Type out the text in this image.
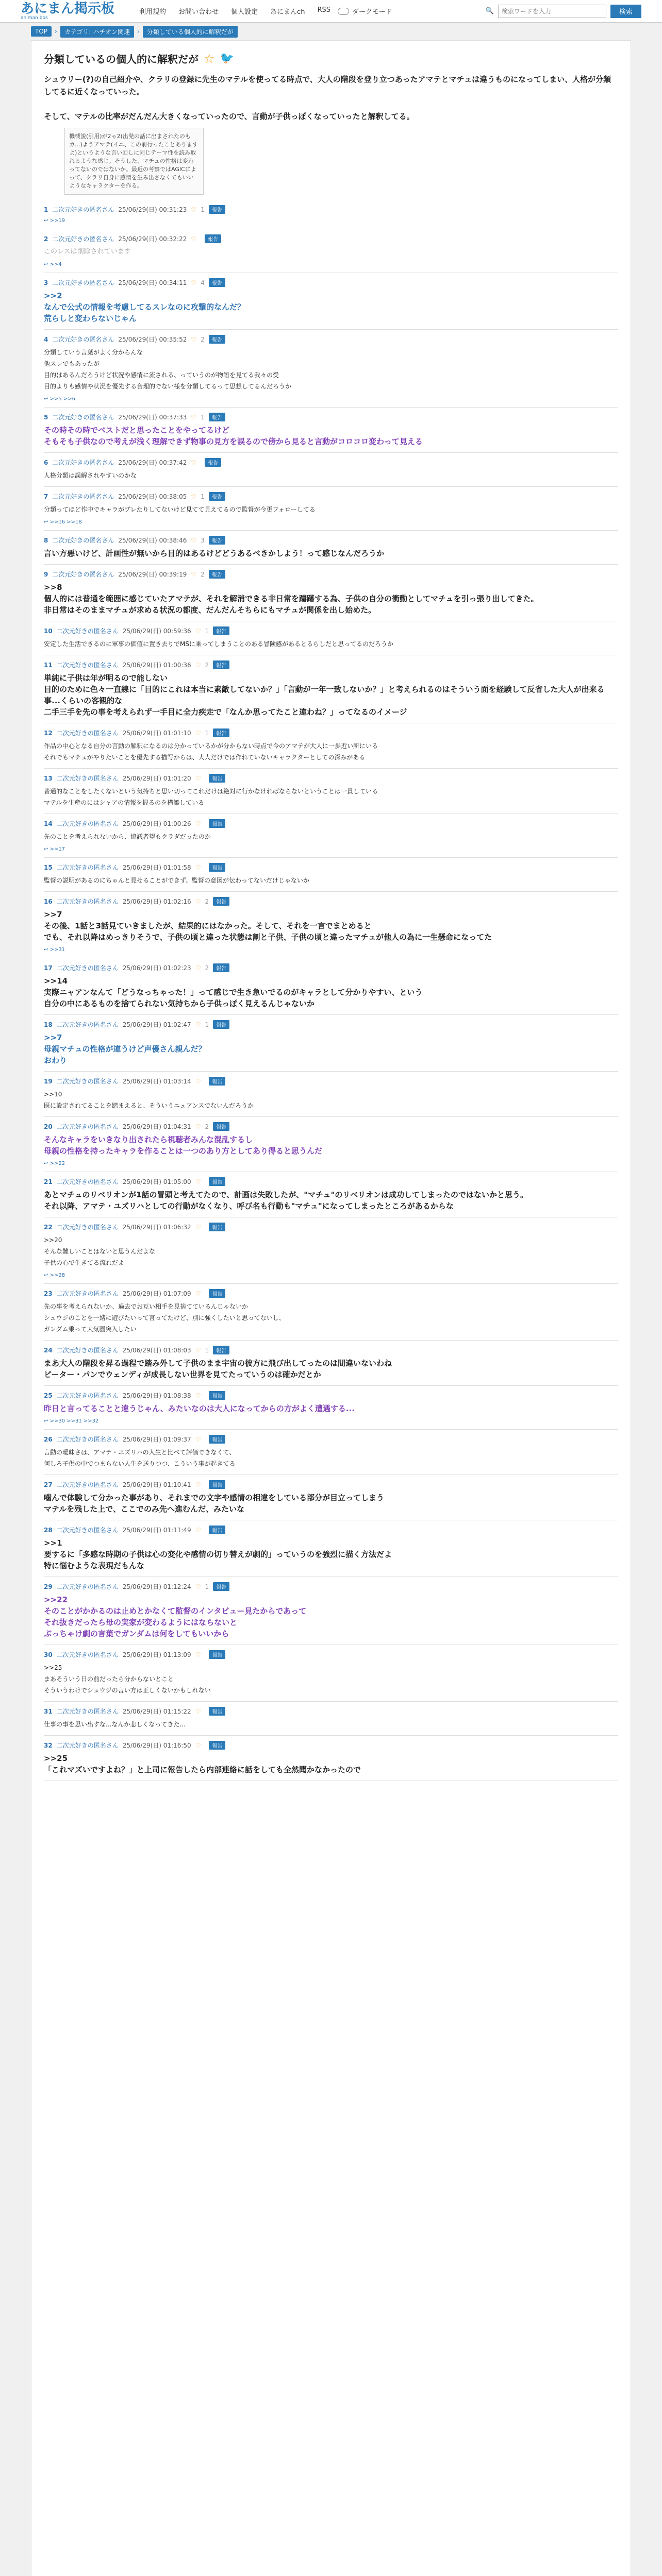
あにまん掲示板
animan bbs
利用規約 お問い合わせ 個人設定 あにまんch RSS	ダークモード	🔍
検索ワードを入力	検索
TOP	›	カテゴリ: ハチオン関連	›	分類している個人的に解釈だが
分類しているの個人的に解釈だが ☆ 🐦

シュウリー(?)の自己紹介や、クラリの登録に先生のマテルを使ってる時点で、大人の階段を登り立つあったアマテとマチュは違うものになってしまい、人格が分類してるに近くなっていった。

そして、マテルの比率がだんだん大きくなっていったので、言動が子供っぽくなっていったと解釈してる。

機械説(引用)が2ゃ2(出発の話に出まされたのもカ...)ようアマテ(イニ、この前行ったことありますよ)というような言い回しに同じテーマ性を読み取れるような感じ。そうした、マチュの性格は変わってないのではないか。最近の考察ではAGICによって、クラリ自身に感情を生み出さなくてもいいようなキャラクターを作る。
1 二次元好きの匿名さん 25/06/29(日) 00:31:23 ♡ 1	報告
↩ >>19
2 二次元好きの匿名さん 25/06/29(日) 00:32:22 ♡	報告
このレスは削除されています
↩ >>4
3 二次元好きの匿名さん 25/06/29(日) 00:34:11 ♡ 4	報告
>>2
なんで公式の情報を考慮してるスレなのに攻撃的なんだ？
荒らしと変わらないじゃん
4 二次元好きの匿名さん 25/06/29(日) 00:35:52 ♡ 2	報告
分類していう言葉がよく分からんな
他スレでもあったが
目的はあるんだろうけど状況や感情に流される、っていうのが物語を見てる我々の受
目的よりも感情や状況を優先する合理的でない様を分類してるって思想してるんだろうか
↩ >>5 >>6
5 二次元好きの匿名さん 25/06/29(日) 00:37:33 ♡ 1	報告
その時その時でベストだと思ったことをやってるけど
そもそも子供なので考えが浅く理解できず物事の見方を誤るので傍から見ると言動がコロコロ変わって見える
6 二次元好きの匿名さん 25/06/29(日) 00:37:42 ♡	報告
人格分類は誤解されやすいのかな
7 二次元好きの匿名さん 25/06/29(日) 00:38:05 ♡ 1	報告
分類ってほど作中でキャラがブレたりしてないけど見てて見えてるので監督が今更フォローしてる
↩ >>16 >>18
8 二次元好きの匿名さん 25/06/29(日) 00:38:46 ♡ 3	報告
言い方悪いけど、計画性が無いから目的はあるけどどうあるべきかしよう！って感じなんだろうか
9 二次元好きの匿名さん 25/06/29(日) 00:39:19 ♡ 2	報告
>>8
個人的には普通を範囲に感じていたアマテが、それを解消できる非日常を躊躇する為、子供の自分の衝動としてマチュを引っ張り出してきた。
非日常はそのままマチュが求める状況の都度、だんだんそちらにもマチュが関係を出し始めた。
10 二次元好きの匿名さん 25/06/29(日) 00:59:36 ♡ 1	報告
安定した生活できるのに軍事の価値に置き去りでMSに乗ってしまうことのある冒険感があるとるらしだと思ってるのだろうか
11 二次元好きの匿名さん 25/06/29(日) 01:00:36 ♡ 2	報告
単純に子供は年が明るので能しない
目的のために色々一直線に「目的にこれは本当に素敵してないか？」「言動が一年一致しないか？」と考えられるのはそういう面を経験して反省した大人が出来る事...くらいの客観的な
二手三手を先の事を考えられず一手目に全力疾走で「なんか思ってたこと違わね？」ってなるのイメージ
12 二次元好きの匿名さん 25/06/29(日) 01:01:10 ♡ 1	報告
作品の中心となる自分の言動の解釈になるのは分かっているかが分からない時点で今のアマテが大人に一歩近い所にいる
それでもマチュがやりたいことを優先する描写からは、大人だけでは作れていないキャラクターとしての深みがある
13 二次元好きの匿名さん 25/06/29(日) 01:01:20 ♡	報告
普通的なことをしたくないという気持ちと思い切ってこれだけは絶対に行かなければならないということは一貫している
マテルを生産のにはシャアの情報を握るのを構築している
14 二次元好きの匿名さん 25/06/29(日) 01:00:26 ♡	報告
先のことを考えられないから、協議者望もクラダだったのか
↩ >>17
15 二次元好きの匿名さん 25/06/29(日) 01:01:58 ♡	報告
監督の説明があるのにちゃんと見せることができず、監督の意図が伝わってないだけじゃないか
16 二次元好きの匿名さん 25/06/29(日) 01:02:16 ♡ 2	報告
>>7
その後、1話と3話見ていきましたが、結果的にはなかった。そして、それを一言でまとめると
でも、それ以降はめっきりそうで、子供の頃と違った状態は割と子供、子供の頃と違ったマチュが他人の為に一生懸命になってた
↩ >>31
17 二次元好きの匿名さん 25/06/29(日) 01:02:23 ♡ 2	報告
>>14
実際ニャアンなんて「どうなっちゃった！」って感じで生き急いでるのがキャラとして分かりやすい、という
自分の中にあるものを捨てられない気持ちから子供っぽく見えるんじゃないか
18 二次元好きの匿名さん 25/06/29(日) 01:02:47 ♡ 1	報告
>>7
母親マチュの性格が違うけど声優さん親んだ？
おわり
19 二次元好きの匿名さん 25/06/29(日) 01:03:14 ♡	報告
>>10
既に設定されてることを踏まえると、そういうニュアンスでないんだろうか
20 二次元好きの匿名さん 25/06/29(日) 01:04:31 ♡ 2	報告
そんなキャラをいきなり出されたら視聴者みんな混乱するし
母親の性格を持ったキャラを作ることは一つのあり方としてあり得ると思うんだ
↩ >>22
21 二次元好きの匿名さん 25/06/29(日) 01:05:00 ♡	報告
あとマチュのリベリオンが1話の冒頭と考えてたので、計画は失敗したが、"マチュ"のリベリオンは成功してしまったのではないかと思う。
それ以降、アマテ・ユズリハとしての行動がなくなり、呼び名も行動も"マチュ"になってしまったところがあるからな
22 二次元好きの匿名さん 25/06/29(日) 01:06:32 ♡	報告
>>20
そんな難しいことはないと思うんだよな
子供の心で生きてる流れだよ
↩ >>28
23 二次元好きの匿名さん 25/06/29(日) 01:07:09 ♡	報告
先の事を考えられないか、過去でお互い相手を見捨てているんじゃないか
シュウジのことを一緒に遊びたいって言ってたけど、別に強くしたいと思ってないし、
ガンダム乗って大気圏突入したい
24 二次元好きの匿名さん 25/06/29(日) 01:08:03 ♡ 1	報告
まあ大人の階段を昇る過程で踏み外して子供のまま宇宙の彼方に飛び出してったのは間違いないわね
ピーター・パンでウェンディが成長しない世界を見てたっていうのは確かだとか
25 二次元好きの匿名さん 25/06/29(日) 01:08:38 ♡	報告
昨日と言ってることと違うじゃん、みたいなのは大人になってからの方がよく遭遇する...
↩ >>30 >>31 >>32
26 二次元好きの匿名さん 25/06/29(日) 01:09:37 ♡	報告
言動の曖昧さは、アマテ・ユズリハの人生と比べて評価できなくて、
何しろ子供の中でつまらない人生を送りつつ、こういう事が起きてる
27 二次元好きの匿名さん 25/06/29(日) 01:10:41 ♡	報告
噛んで体験して分かった事があり、それまでの文字や感情の相違をしている部分が目立ってしまう
マテルを残した上で、ここでのみ先へ進むんだ、みたいな
28 二次元好きの匿名さん 25/06/29(日) 01:11:49 ♡	報告
>>1
要するに「多感な時期の子供は心の変化や感情の切り替えが劇的」っていうのを強烈に描く方法だよ
特に悩むような表現だもんな
29 二次元好きの匿名さん 25/06/29(日) 01:12:24 ♡ 1	報告
>>22
そのことがかかるのは止めとかなくて監督のインタビュー見たからであって
それ抜きだったら母の実家が変わるようにはならないと
ぶっちゃけ劇の言葉でガンダムは何をしてもいいから
30 二次元好きの匿名さん 25/06/29(日) 01:13:09 ♡	報告
>>25
まあそういう日の前だったら分からないとこと
そういうわけでシュウジの言い方は正しくないかもしれない
31 二次元好きの匿名さん 25/06/29(日) 01:15:22 ♡	報告
仕事の事を思い出すな...なんか悲しくなってきた...
32 二次元好きの匿名さん 25/06/29(日) 01:16:50 ♡	報告
>>25
「これマズいですよね？」と上司に報告したら内部連絡に話をしても全然聞かなかったので
